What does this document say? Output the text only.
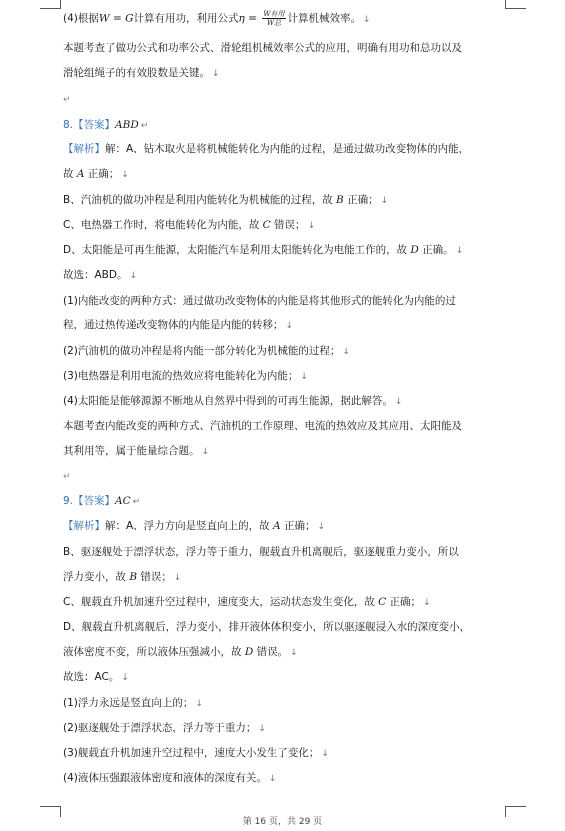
(4)根据W = G计算有用功，利用公式$\eta = \frac{\text{W有用}}{\text{W总}}$ 计算机械效率。 ↓
本题考查了做功公式和功率公式、滑轮组机械效率公式的应用，明确有用功和总功以及
滑轮组绳子的有效股数是关键。 ↓
↵
8.【答案】ABD ↵
【解析】解：A、钻木取火是将机械能转化为内能的过程，是通过做功改变物体的内能，
故 A 正确； ↓
B、汽油机的做功冲程是利用内能转化为机械能的过程，故 B 正确； ↓
C、电热器工作时，将电能转化为内能，故 C 错误； ↓
D、太阳能是可再生能源，太阳能汽车是利用太阳能转化为电能工作的，故 D 正确。 ↓
故选：ABD。 ↓
(1)内能改变的两种方式：通过做功改变物体的内能是将其他形式的能转化为内能的过
程，通过热传递改变物体的内能是内能的转移； ↓
(2)汽油机的做功冲程是将内能一部分转化为机械能的过程； ↓
(3)电热器是利用电流的热效应将电能转化为内能； ↓
(4)太阳能是能够源源不断地从自然界中得到的可再生能源，据此解答。 ↓
本题考查内能改变的两种方式、汽油机的工作原理、电流的热效应及其应用、太阳能及
其利用等，属于能量综合题。 ↓
↵
9.【答案】AC ↵
【解析】解：A、浮力方向是竖直向上的，故 A 正确； ↓
B、驱逐舰处于漂浮状态，浮力等于重力，舰载直升机离舰后，驱逐舰重力变小，所以
浮力变小，故 B 错误； ↓
C、舰载直升机加速升空过程中，速度变大，运动状态发生变化，故 C 正确； ↓
D、舰载直升机离舰后，浮力变小，排开液体体积变小，所以驱逐舰浸入水的深度变小，
液体密度不变，所以液体压强减小，故 D 错误。 ↓
故选：AC。 ↓
(1)浮力永远是竖直向上的； ↓
(2)驱逐舰处于漂浮状态，浮力等于重力； ↓
(3)舰载直升机加速升空过程中，速度大小发生了变化； ↓
(4)液体压强跟液体密度和液体的深度有关。 ↓
第 16 页，共 29 页
